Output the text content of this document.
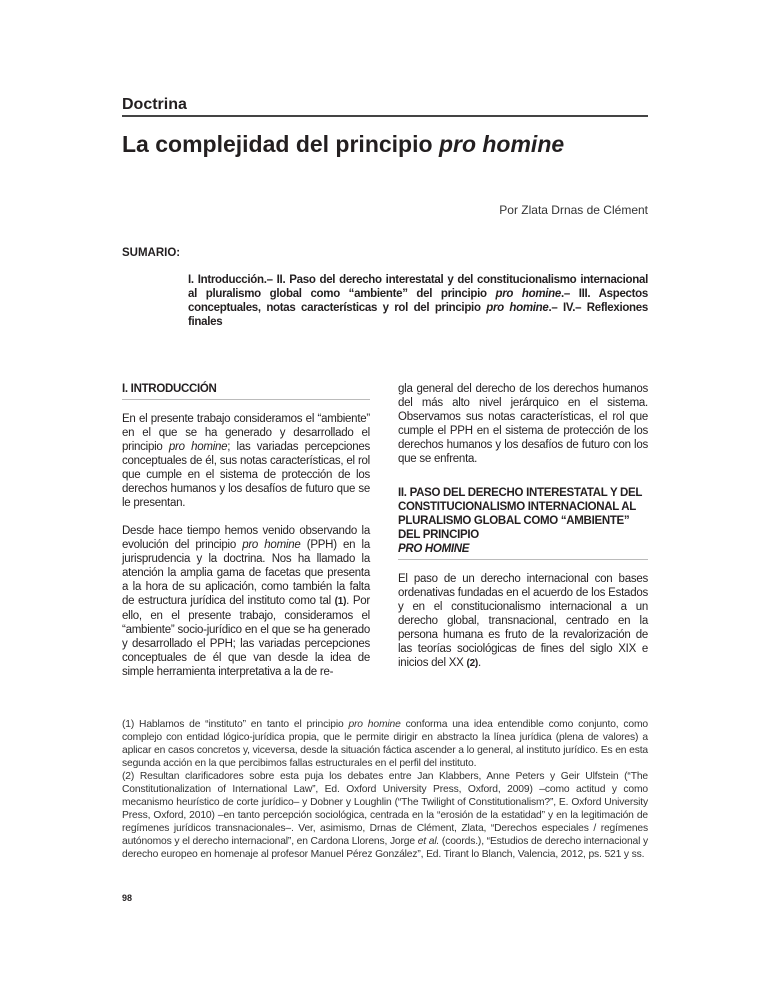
Doctrina
La complejidad del principio pro homine
Por Zlata Drnas de Clément
SUMARIO:
I. Introducción.– II. Paso del derecho interestatal y del constitucionalismo internacional al pluralismo global como “ambiente” del principio pro homine.– III. Aspectos conceptuales, notas características y rol del principio pro homine.– IV.– Reflexiones finales
I. INTRODUCCIÓN

En el presente trabajo consideramos el “ambiente” en el que se ha generado y desarrollado el principio pro homine; las variadas percepciones conceptuales de él, sus notas características, el rol que cumple en el sistema de protección de los derechos humanos y los desafíos de futuro que se le presentan.

Desde hace tiempo hemos venido observando la evolución del principio pro homine (PPH) en la jurisprudencia y la doctrina. Nos ha llamado la atención la amplia gama de facetas que presenta a la hora de su aplicación, como también la falta de estructura jurídica del instituto como tal (1). Por ello, en el presente trabajo, consideramos el “ambiente” socio-jurídico en el que se ha generado y desarrollado el PPH; las variadas percepciones conceptuales de él que van desde la idea de simple herramienta interpretativa a la de re-

gla general del derecho de los derechos humanos del más alto nivel jerárquico en el sistema. Observamos sus notas características, el rol que cumple el PPH en el sistema de protección de los derechos humanos y los desafíos de futuro con los que se enfrenta.

II. PASO DEL DERECHO INTERESTATAL Y DEL CONSTITUCIONALISMO INTERNACIONAL AL PLURALISMO GLOBAL COMO “AMBIENTE” DEL PRINCIPIO
PRO HOMINE

El paso de un derecho internacional con bases ordenativas fundadas en el acuerdo de los Estados y en el constitucionalismo internacional a un derecho global, transnacional, centrado en la persona humana es fruto de la revalorización de las teorías sociológicas de fines del siglo XIX e inicios del XX (2).

(1) Hablamos de “instituto” en tanto el principio pro homine conforma una idea entendible como conjunto, como complejo con entidad lógico-jurídica propia, que le permite dirigir en abstracto la línea jurídica (plena de valores) a aplicar en casos concretos y, viceversa, desde la situación fáctica ascender a lo general, al instituto jurídico. Es en esta segunda acción en la que percibimos fallas estructurales en el perfil del instituto.

(2) Resultan clarificadores sobre esta puja los debates entre Jan Klabbers, Anne Peters y Geir Ulfstein (“The Constitutionalization of International Law”, Ed. Oxford University Press, Oxford, 2009) –como actitud y como mecanismo heurístico de corte jurídico– y Dobner y Loughlin (“The Twilight of Constitutionalism?”, E. Oxford University Press, Oxford, 2010) –en tanto percepción sociológica, centrada en la “erosión de la estatidad” y en la legitimación de regímenes jurídicos transnacionales–. Ver, asimismo, Drnas de Clément, Zlata, “Derechos especiales / regímenes autónomos y el derecho internacional”, en Cardona Llorens, Jorge et al. (coords.), “Estudios de derecho internacional y derecho europeo en homenaje al profesor Manuel Pérez González”, Ed. Tirant lo Blanch, Valencia, 2012, ps. 521 y ss.

98
